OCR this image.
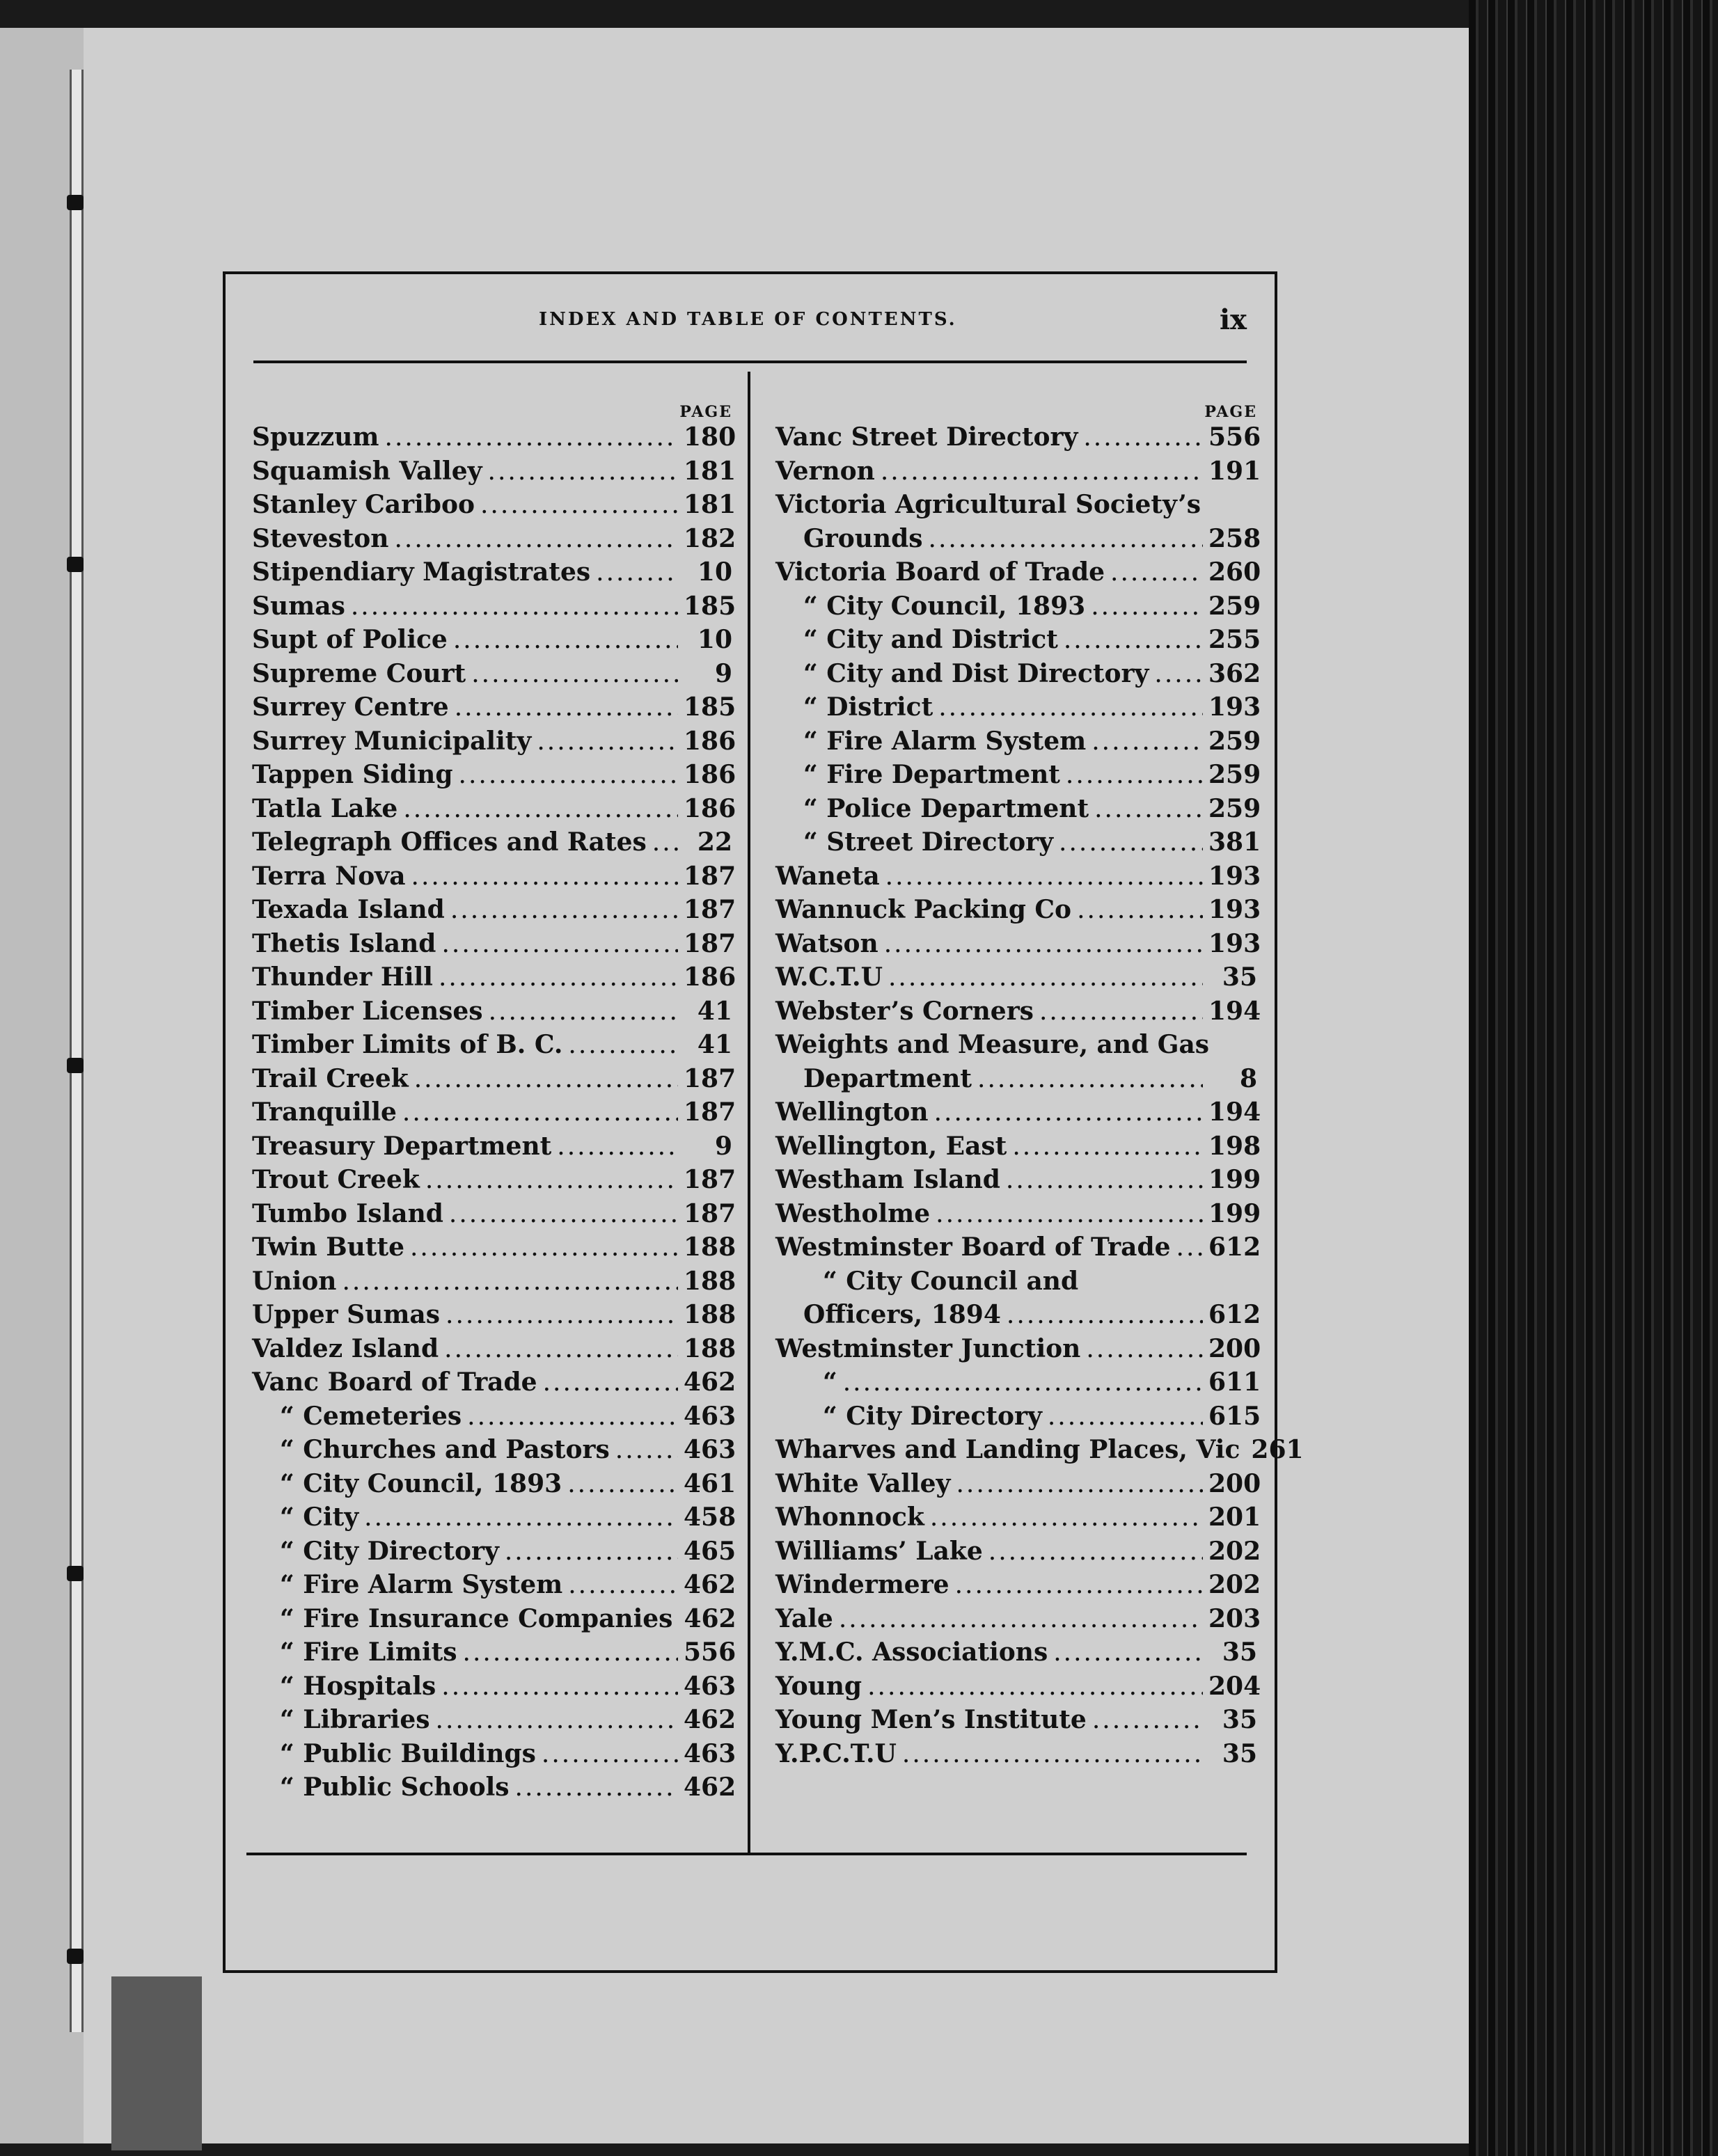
INDEX AND TABLE OF CONTENTS.	ix
PAGE
Spuzzum .....	180
Squamish Valley .....	181
Stanley Cariboo .....	181
Steveston .....	182
Stipendiary Magistrates .....	10
Sumas .....	185
Supt of Police .....	10
Supreme Court .....	9
Surrey Centre .....	185
Surrey Municipality .....	186
Tappen Siding .....	186
Tatla Lake .....	186
Telegraph Offices and Rates .....	22
Terra Nova .....	187
Texada Island .....	187
Thetis Island .....	187
Thunder Hill .....	186
Timber Licenses .....	41
Timber Limits of B. C. .....	41
Trail Creek .....	187
Tranquille .....	187
Treasury Department .....	9
Trout Creek .....	187
Tumbo Island .....	187
Twin Butte .....	188
Union .....	188
Upper Sumas .....	188
Valdez Island .....	188
Vanc Board of Trade .....	462
“ Cemeteries .....	463
“ Churches and Pastors .....	463
“ City Council, 1893 .....	461
“ City .....	458
“ City Directory .....	465
“ Fire Alarm System .....	462
“ Fire Insurance Companies 462
“ Fire Limits .....	556
“ Hospitals .....	463
“ Libraries .....	462
“ Public Buildings .....	463
“ Public Schools .....	462
PAGE
Vanc Street Directory .....	556
Vernon .....	191
Victoria Agricultural Society’s
Grounds .....	258
Victoria Board of Trade .....	260
“ City Council, 1893 .....	259
“ City and District .....	255
“ City and Dist Directory ..... 362
“ District .....	193
“ Fire Alarm System .....	259
“ Fire Department .....	259
“ Police Department .....	259
“ Street Directory .....	381
Waneta .....	193
Wannuck Packing Co .....	193
Watson .....	193
W.C.T.U .....	35
Webster’s Corners .....	194
Weights and Measure, and Gas
Department .....	8
Wellington .....	194
Wellington, East .....	198
Westham Island .....	199
Westholme .....	199
Westminster Board of Trade ..... 612
“ City Council and
Officers, 1894 .....	612
Westminster Junction .....	200
“ .....	611
“ City Directory .....	615
Wharves and Landing Places, Vic 261
White Valley .....	200
Whonnock .....	201
Williams’ Lake .....	202
Windermere .....	202
Yale .....	203
Y.M.C. Associations .....	35
Young .....	204
Young Men’s Institute .....	35
Y.P.C.T.U .....	35
